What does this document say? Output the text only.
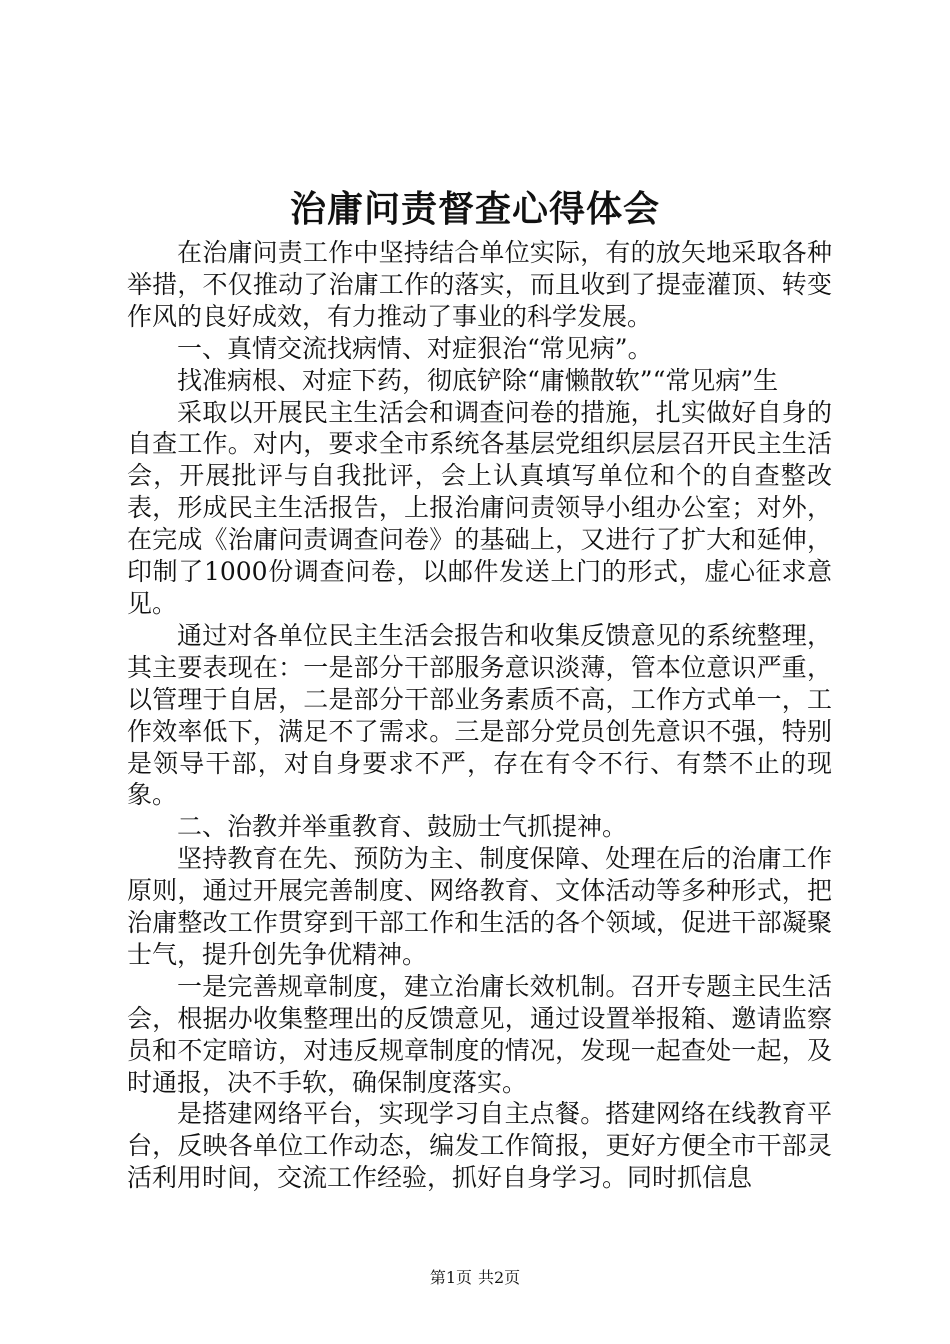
治庸问责督查心得体会

在治庸问责工作中坚持结合单位实际，有的放矢地采取各种举措，不仅推动了治庸工作的落实，而且收到了提壶灌顶、转变作风的良好成效，有力推动了事业的科学发展。

一、真情交流找病情、对症狠治“常见病”。

找准病根、对症下药，彻底铲除“庸懒散软”“常见病”生

采取以开展民主生活会和调查问卷的措施，扎实做好自身的自查工作。对内，要求全市系统各基层党组织层层召开民主生活会，开展批评与自我批评，会上认真填写单位和个的自查整改表，形成民主生活报告，上报治庸问责领导小组办公室；对外，在完成《治庸问责调查问卷》的基础上，又进行了扩大和延伸，印制了1000份调查问卷，以邮件发送上门的形式，虚心征求意见。

通过对各单位民主生活会报告和收集反馈意见的系统整理，其主要表现在：一是部分干部服务意识淡薄，管本位意识严重，以管理于自居，二是部分干部业务素质不高，工作方式单一，工作效率低下，满足不了需求。三是部分党员创先意识不强，特别是领导干部，对自身要求不严，存在有令不行、有禁不止的现象。

二、治教并举重教育、鼓励士气抓提神。

坚持教育在先、预防为主、制度保障、处理在后的治庸工作原则，通过开展完善制度、网络教育、文体活动等多种形式，把治庸整改工作贯穿到干部工作和生活的各个领域，促进干部凝聚士气，提升创先争优精神。

一是完善规章制度，建立治庸长效机制。召开专题主民生活会，根据办收集整理出的反馈意见，通过设置举报箱、邀请监察员和不定暗访，对违反规章制度的情况，发现一起查处一起，及时通报，决不手软，确保制度落实。

是搭建网络平台，实现学习自主点餐。搭建网络在线教育平台，反映各单位工作动态，编发工作简报，更好方便全市干部灵活利用时间，交流工作经验，抓好自身学习。同时抓信息

第1页 共2页
